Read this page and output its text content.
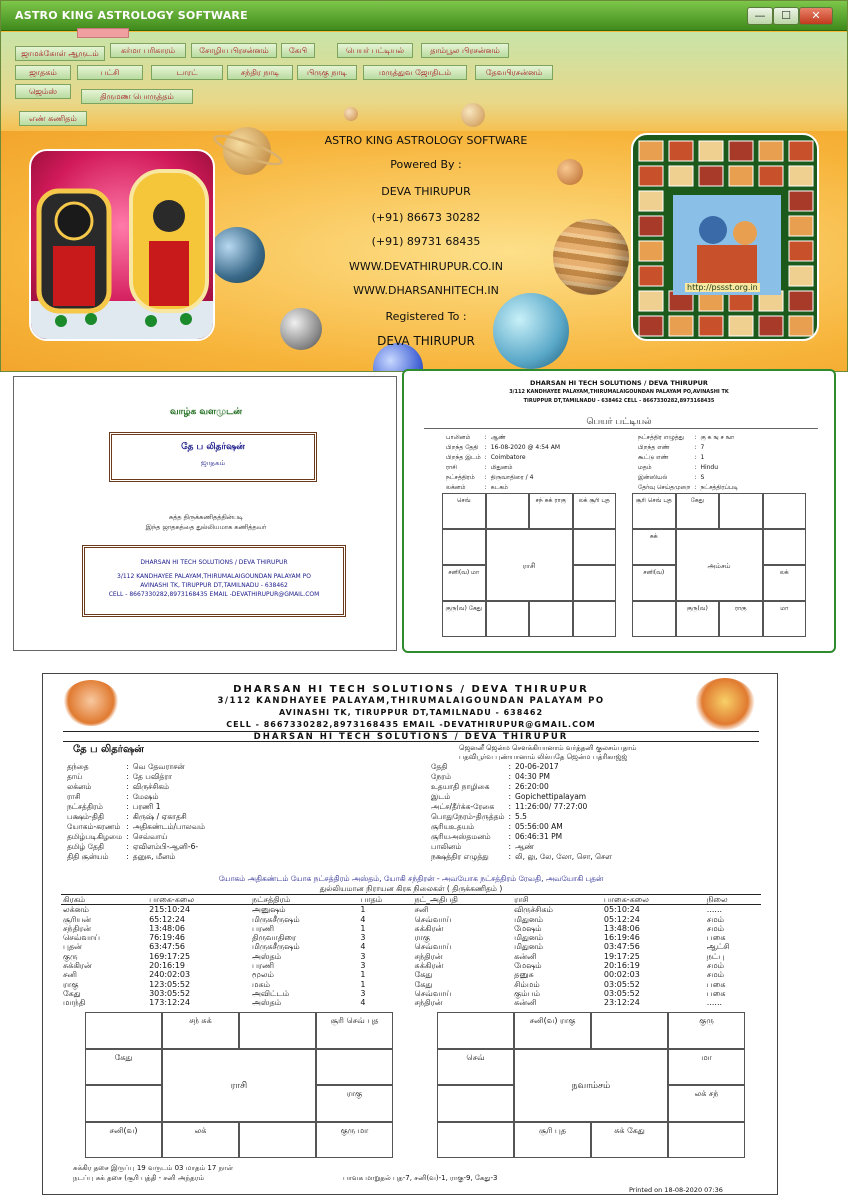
ASTRO KING ASTROLOGY SOFTWARE	—	☐	✕
ஜாமக்கோள் ஆருடம்	கர்மா பரிகாரம்	சோழிய பிரசன்னம்	கேபி	பெயர் பட்டியல்	தாம்பூல பிரசன்னம்
ஜாதகம்	பட்சி	டாரட்	சந்திர நாடி	பிருகு நாடி	மருத்துவ ஜோதிடம்	தேவபிரசன்னம்
ஜெம்ஸ்
திருமண பொருத்தம்
எண் கணிதம்
http://pssst.org.in
ASTRO KING ASTROLOGY SOFTWARE
Powered By :
DEVA THIRUPUR
(+91) 86673 30282
(+91) 89731 68435
WWW.DEVATHIRUPUR.CO.IN
WWW.DHARSANHITECH.IN
Registered To :
DEVA THIRUPUR
வாழ்க வளமுடன்
தே ப லிதர்ஷன்
ஜாதகம்
சுத்த திருக்கணிதத்தின்படி
இந்த ஜாதகத்தை துல்லியமாக கணித்தவர்
DHARSAN HI TECH SOLUTIONS / DEVA THIRUPUR
3/112 KANDHAYEE PALAYAM,THIRUMALAIGOUNDAN PALAYAM PO
AVINASHI TK, TIRUPPUR DT,TAMILNADU - 638462
CELL - 8667330282,8973168435 EMAIL -DEVATHIRUPUR@GMAIL.COM
DHARSAN HI TECH SOLUTIONS / DEVA THIRUPUR
3/112 KANDHAYEE PALAYAM,THIRUMALAIGOUNDAN PALAYAM PO,AVINASHI TK
TIRUPPUR DT,TAMILNADU - 638462 CELL - 8667330282,8973168435
பெயர் பட்டியல்
பாலினம்	:	ஆண்
பிறந்த தேதி	:	16-08-2020 @ 4:54 AM
பிறந்த இடம்	:	Coimbatore
ராசி	:	மிதுனம்
நட்சத்திரம்	:	திருவாதிரை / 4
லக்னம்	:	கடகம்
நட்சத்திர எழுத்து	:	கு க ஙு ச ஙா
பிறந்த எண்	:	7
கூட்டு எண்	:	1
மதம்	:	Hindu
இன்ஸியல்	:	S
தேர்வு செய்தமுறை	:	நட்சத்திரப்படி
செவ்	சந் சுக் ராகு	லக் சூரி புத
ராசி
சனி(வ) மா
குரு(வ) கேது
சூரி செவ் புத	கேது
சுக்
அம்சம்
சனி(வ)	லக்
குரு(வ)	ராகு	மா
DHARSAN HI TECH SOLUTIONS / DEVA THIRUPUR
3/112 KANDHAYEE PALAYAM,THIRUMALAIGOUNDAN PALAYAM PO
AVINASHI TK, TIRUPPUR DT,TAMILNADU - 638462
CELL - 8667330282,8973168435 EMAIL -DEVATHIRUPUR@GMAIL.COM
DHARSAN HI TECH SOLUTIONS / DEVA THIRUPUR
தே ப லிதர்ஷன்	ஜெனனீ ஜென்ம சௌக்கியானாம் வர்த்தனி குலசம்பதாம்
பதவிபூர்வ புண்யானாம் லிக்யதே ஜென்ம பத்ரிகாஜ்ஜ்
தந்தை	:	வெ தேவராசன்
தாய்	:	தே பவித்ரா
லக்னம்	:	விருச்சிகம்
ராசி	:	மேஷம்
நட்சத்திரம்	:	பரணி 1
பக்ஷம்-திதி	:	கிருஷ் / ஏகாதசி
யோகம்-கரணம்	:	அதிகண்டம்/பாலவம்
தமிழ்படிகிழமை	:	செவ்வாய்
தமிழ் தேதி	:	ஏவிளம்பி-ஆனி-6-
திதி சூன்யம்	:	தனுசு, மீனம்
தேதி	:	20-06-2017
நேரம்	:	04:30 PM
உதயாதி நாழிகை	:	26:20:00
இடம்	:	Gopichettipalayam
அட்ச/தீர்க்க-ரேகை	:	11:26:00/ 77:27:00
பொதுநேரம்-திருத்தம்	:	5.5
சூரியஉதயம்	:	05:56:00 AM
சூரியஅஸ்தமனம்	:	06:46:31 PM
பாலினம்	:	ஆண்
நக்ஷத்திர எழுத்து	:	லி, லு, லே, லோ, சொ, சௌ
யோகம் அதிகண்டம் யோக நட்சத்திரம் அஸ்தம், யோகி சந்திரன் - அவயோக நட்சத்திரம் ரேவதி, அவயோகி புதன்
துல்லியமான நிராயன கிரக நிலைகள் ( திருக்கணிதம் )
கிரகம்	பாகை-கலை	நட்சத்திரம்	பாதம்	நட்_அதிபதி	ராசி	பாகை-கலை	நிலை
லக்னம்	215:10:24	அனுஷம்	1	சனி	விருச்சிகம்	05:10:24	......
சூரியன்	65:12:24	மிருகசீருஷம்	4	செவ்வாய்	மிதுனம்	05:12:24	சமம்
சந்திரன்	13:48:06	பரணி	1	சுக்கிரன்	மேஷம்	13:48:06	சமம்
செவ்வாய்	76:19:46	திருவாதிரை	3	ராகு	மிதுனம்	16:19:46	பகை
புதன்	63:47:56	மிருகசீருஷம்	4	செவ்வாய்	மிதுனம்	03:47:56	ஆட்சி
குரு	169:17:25	அஸ்தம்	3	சந்திரன்	கன்னி	19:17:25	நட்பு
சுக்கிரன்	20:16:19	பரணி	3	சுக்கிரன்	மேஷம்	20:16:19	சமம்
சனி	240:02:03	மூலம்	1	கேது	தனுசு	00:02:03	சமம்
ராகு	123:05:52	மகம்	1	கேது	சிம்மம்	03:05:52	பகை
கேது	303:05:52	அவிட்டம்	3	செவ்வாய்	கும்பம்	03:05:52	பகை
மாந்தி	173:12:24	அஸ்தம்	4	சந்திரன்	கன்னி	23:12:24	......
சந் சுக்	சூரி செவ் புத
கேது
ராசி
ராகு
சனி(வ)	லக்	குரு மா
சனி(வ) ராகு	குரு
செவ்
நவாம்சம்
மா
லக் சந்
சூரி புத	சுக் கேது
சுக்கிர தசை இருப்பு 19 வருடம் 03 மாதம் 17 நாள்
நடப்பு சுக் தசை (சூரி புத்தி - சனி அந்தரம்	பாவக மாறுதல் புத-7, சனி(வ)-1, ராகு-9, கேது-3
Printed on 18-08-2020 07:36
